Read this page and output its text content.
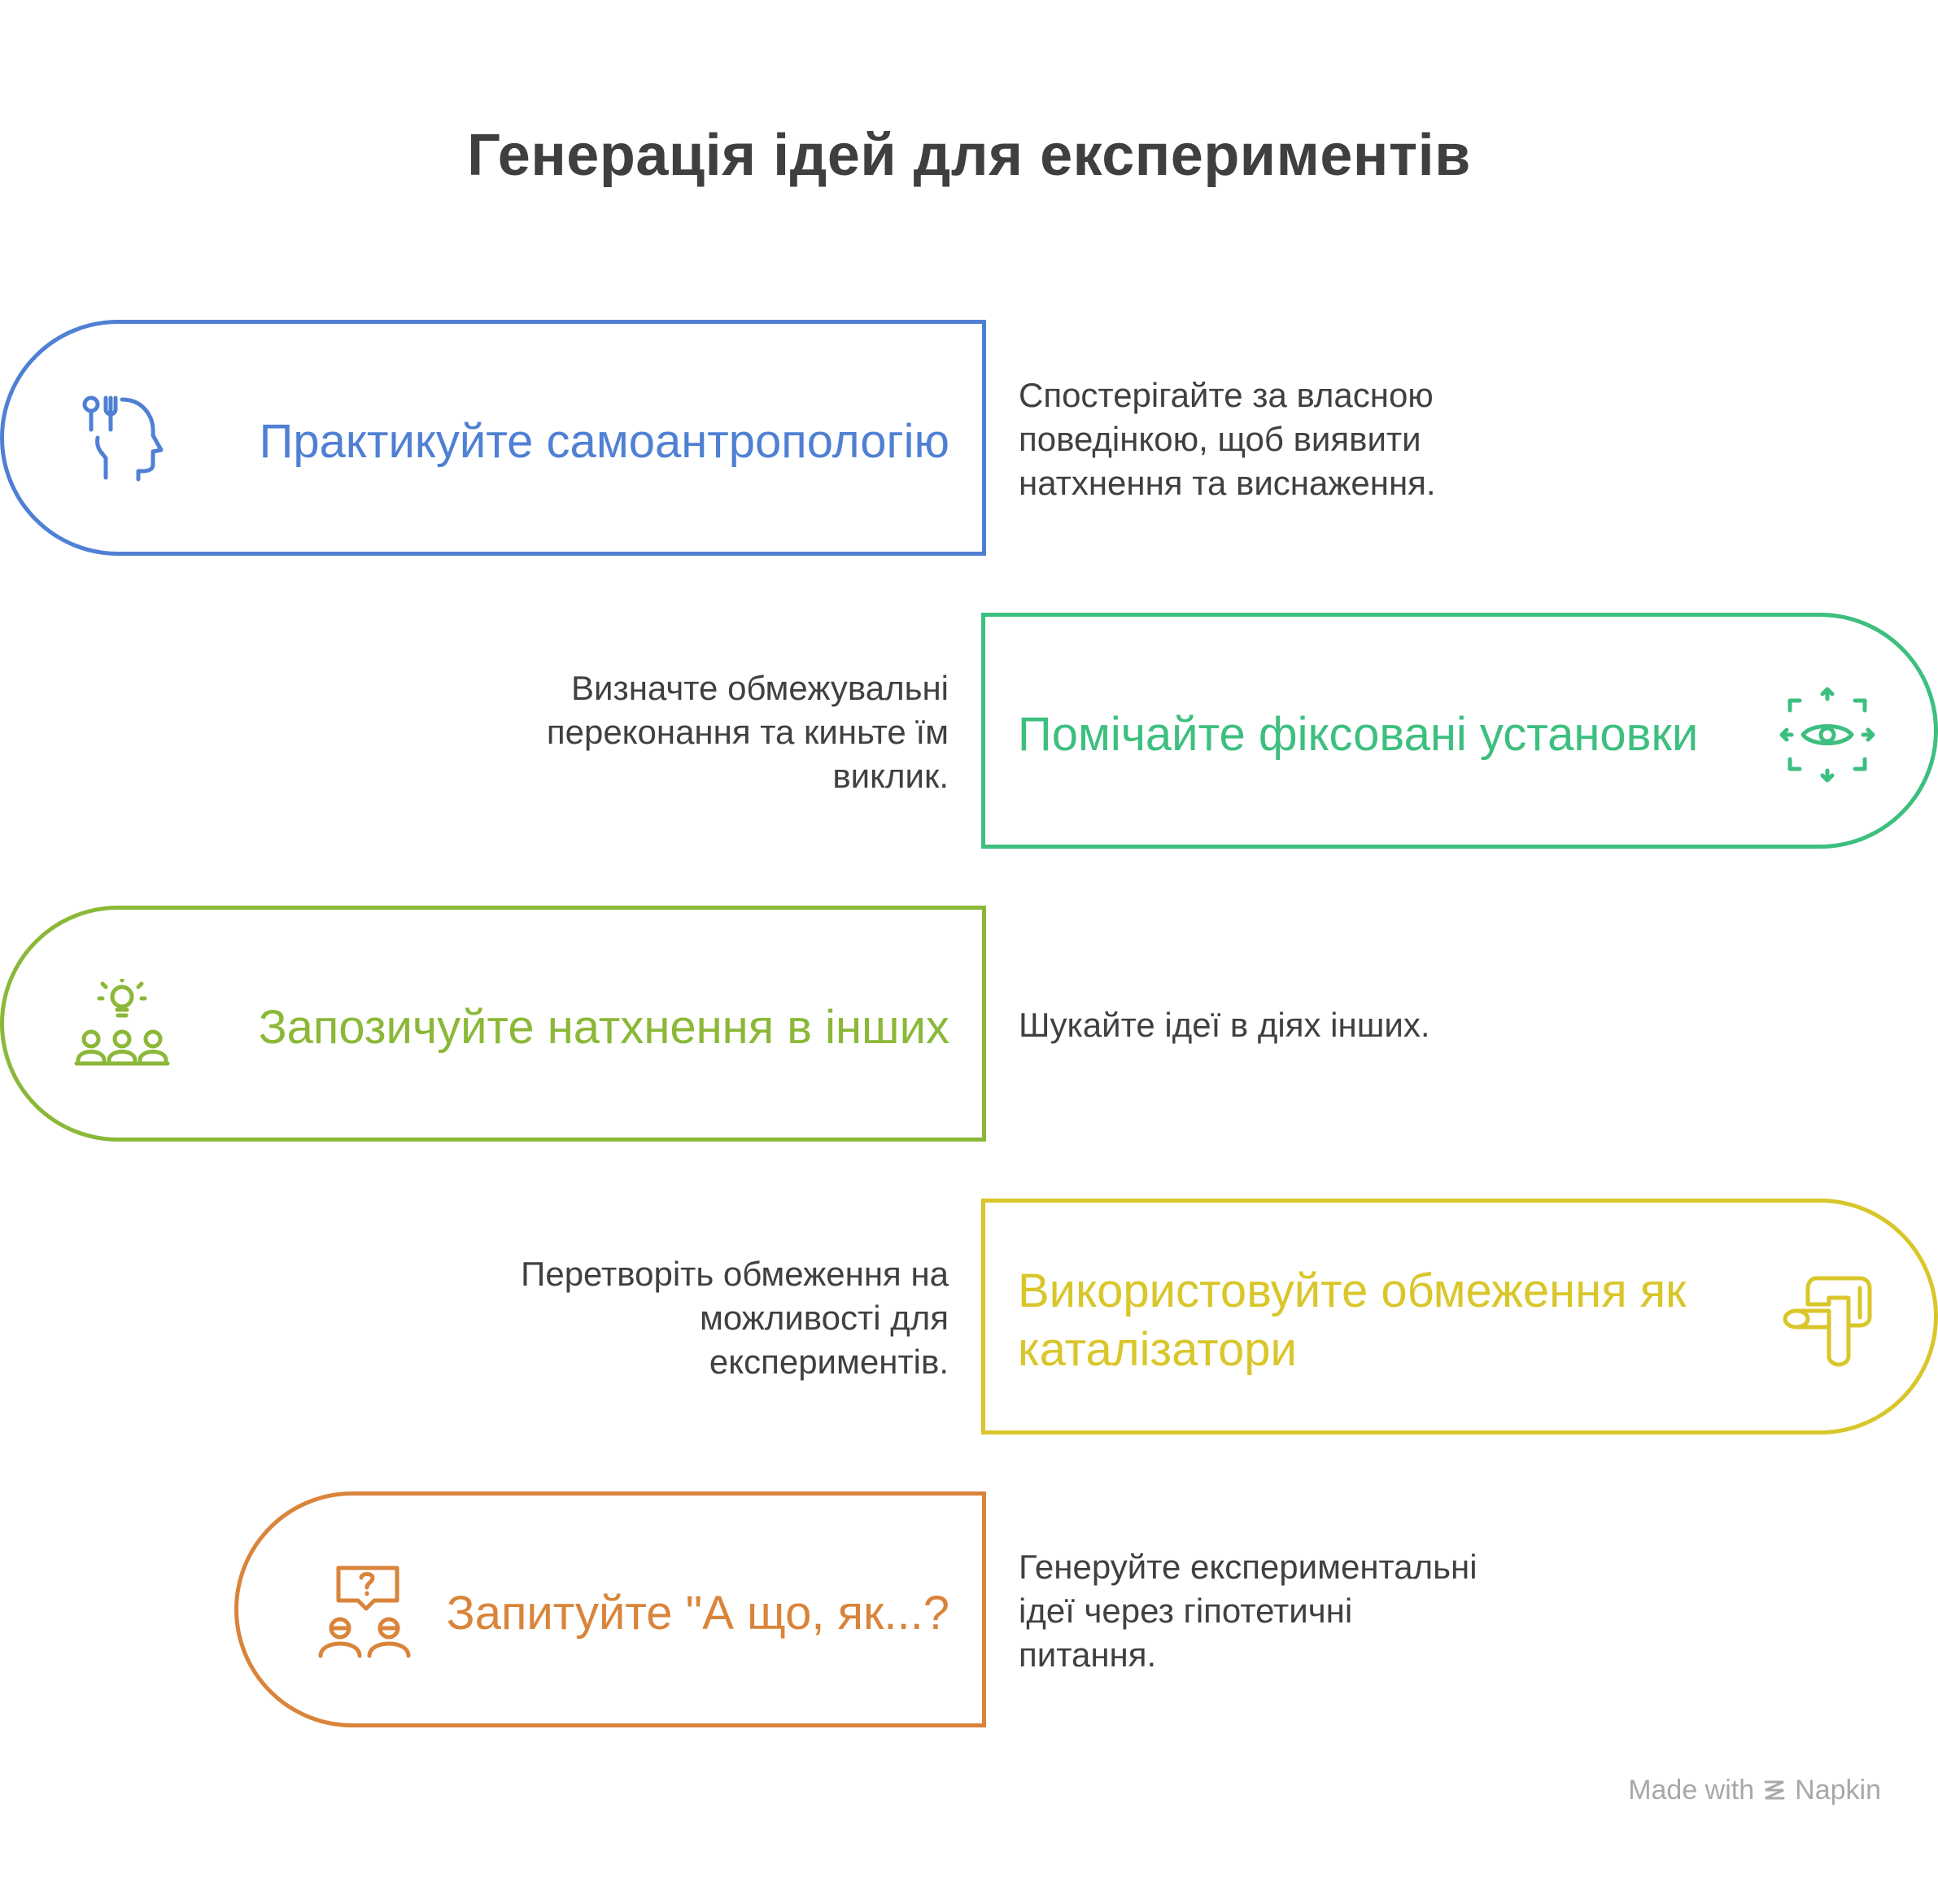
Генерація ідей для експериментів
Практикуйте самоантропологію
Спостерігайте за власною
поведінкою, щоб виявити
натхнення та виснаження.
Помічайте фіксовані установки
Визначте обмежувальні
переконання та киньте їм
виклик.
Запозичуйте натхнення в інших Шукайте ідеї в діях інших.
Використовуйте обмеження як
каталізатори
Перетворіть обмеження на
можливості для
експериментів.
Запитуйте "А що, як...?
Генеруйте експериментальні
ідеї через гіпотетичні
питання.
Made with Napkin
